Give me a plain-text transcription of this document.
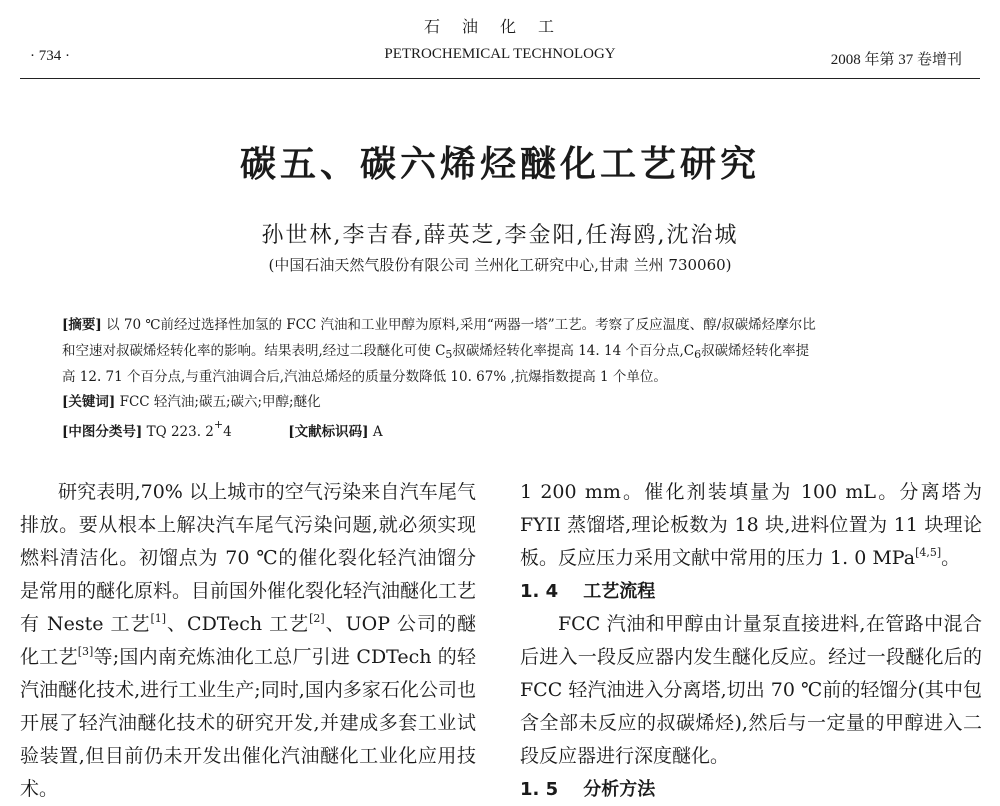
石油化工
PETROCHEMICAL TECHNOLOGY
· 734 ·	2008 年第 37 卷增刊
碳五、碳六烯烃醚化工艺研究
孙世林,李吉春,薛英芝,李金阳,任海鸥,沈治城
(中国石油天然气股份有限公司 兰州化工研究中心,甘肃 兰州 730060)

[摘要] 以 70 ℃前经过选择性加氢的 FCC 汽油和工业甲醇为原料,采用“两器一塔”工艺。考察了反应温度、醇/叔碳烯烃摩尔比

和空速对叔碳烯烃转化率的影响。结果表明,经过二段醚化可使 $C_5$叔碳烯烃转化率提高 14. 14 个百分点$,C_6$叔碳烯烃转化率提

高 12. 71 个百分点,与重汽油调合后,汽油总烯烃的质量分数降低 10. 67% ,抗爆指数提高 1 个单位。

[关键词] FCC 轻汽油;碳五;碳六;甲醇;醚化
[中图分类号] TQ 223. 2+4	[文献标识码] A

研究表明,70% 以上城市的空气污染来自汽车尾气排放。要从根本上解决汽车尾气污染问题,就必须实现燃料清洁化。初馏点为 70 ℃的催化裂化轻汽油馏分是常用的醚化原料。目前国外催化裂化轻汽油醚化工艺有 Neste 工艺[1]、CDTech 工艺[2]、UOP 公司的醚化工艺[3]等;国内南充炼油化工总厂引进 CDTech 的轻汽油醚化技术,进行工业生产;同时,国内多家石化公司也开展了轻汽油醚化技术的研究开发,并建成多套工业试验装置,但目前仍未开发出催化汽油醚化工业化应用技术。

1 200 mm。催化剂装填量为 100 mL。分离塔为FYII 蒸馏塔,理论板数为 18 块,进料位置为 11 块理论板。反应压力采用文献中常用的压力 1. 0 MPa[4,5]。

1. 4    工艺流程

FCC 汽油和甲醇由计量泵直接进料,在管路中混合后进入一段反应器内发生醚化反应。经过一段醚化后的 FCC 轻汽油进入分离塔,切出 70 ℃前的轻馏分(其中包含全部未反应的叔碳烯烃),然后与一定量的甲醇进入二段反应器进行深度醚化。

1. 5    分析方法
